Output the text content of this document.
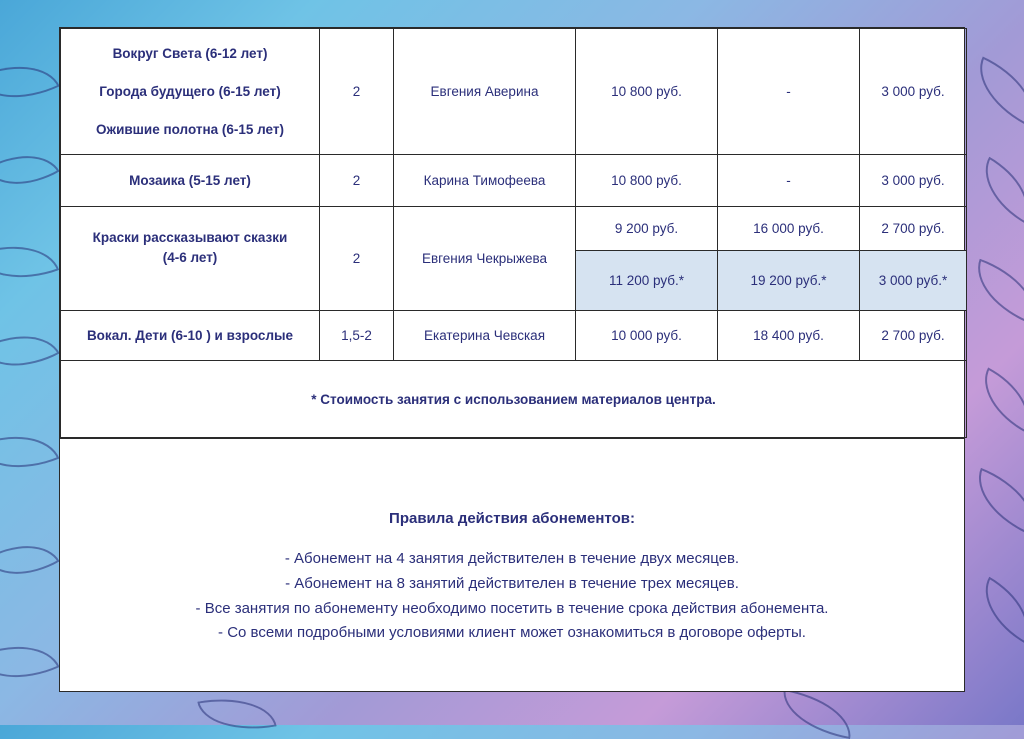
Вокруг Света (6-12 лет)
Города будущего (6-15 лет)
Ожившие полотна (6-15 лет)	2	Евгения Аверина	10 800 руб.	-	3 000 руб.

Мозаика (5-15 лет)	2	Карина Тимофеева	10 800 руб.	-	3 000 руб.

Краски рассказывают сказки
(4-6 лет)	2	Евгения Чекрыжева	9 200 руб.	16 000 руб.	2 700 руб.
			11 200 руб.*	19 200 руб.*	3 000 руб.*

Вокал. Дети (6-10 ) и взрослые	1,5-2	Екатерина Чевская	10 000 руб.	18 400 руб.	2 700 руб.
* Стоимость занятия с использованием материалов центра.					
Правила действия абонементов:
- Абонемент на 4 занятия действителен в течение двух месяцев.
- Абонемент на 8 занятий действителен в течение трех месяцев.
- Все занятия по абонементу необходимо посетить в течение срока действия абонемента.
- Со всеми подробными условиями клиент может ознакомиться в договоре оферты.
